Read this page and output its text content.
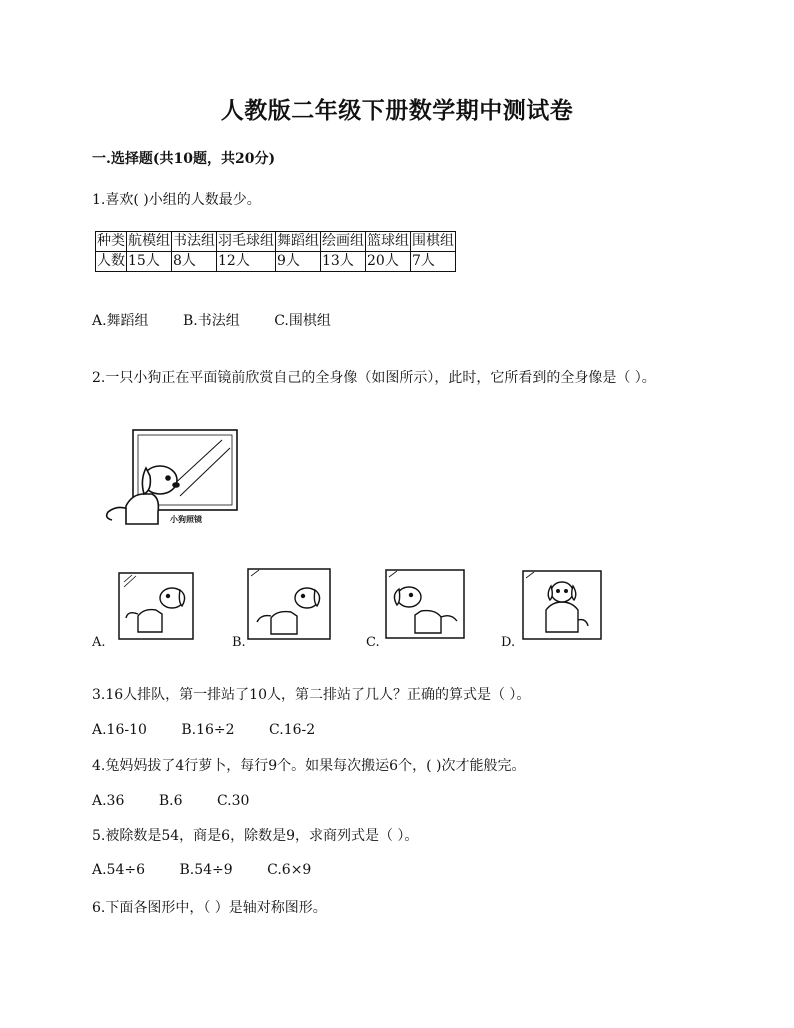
人教版二年级下册数学期中测试卷
一.选择题(共10题，共20分)
1.喜欢( )小组的人数最少。
种类	航模组	书法组	羽毛球组	舞蹈组	绘画组	篮球组	围棋组
人数	15人	8人	12人	9人	13人	20人	7人
A.舞蹈组 B.书法组 C.围棋组
2.一只小狗正在平面镜前欣赏自己的全身像（如图所示），此时，它所看到的全身像是（ ）。
小狗照镜
A.	B.	C.	D.
3.16人排队，第一排站了10人，第二排站了几人？正确的算式是（ ）。
A.16-10 B.16÷2 C.16-2
4.兔妈妈拔了4行萝卜，每行9个。如果每次搬运6个，( )次才能般完。
A.36 B.6 C.30
5.被除数是54，商是6，除数是9，求商列式是（ ）。
A.54÷6 B.54÷9 C.6×9
6.下面各图形中，（ ）是轴对称图形。
